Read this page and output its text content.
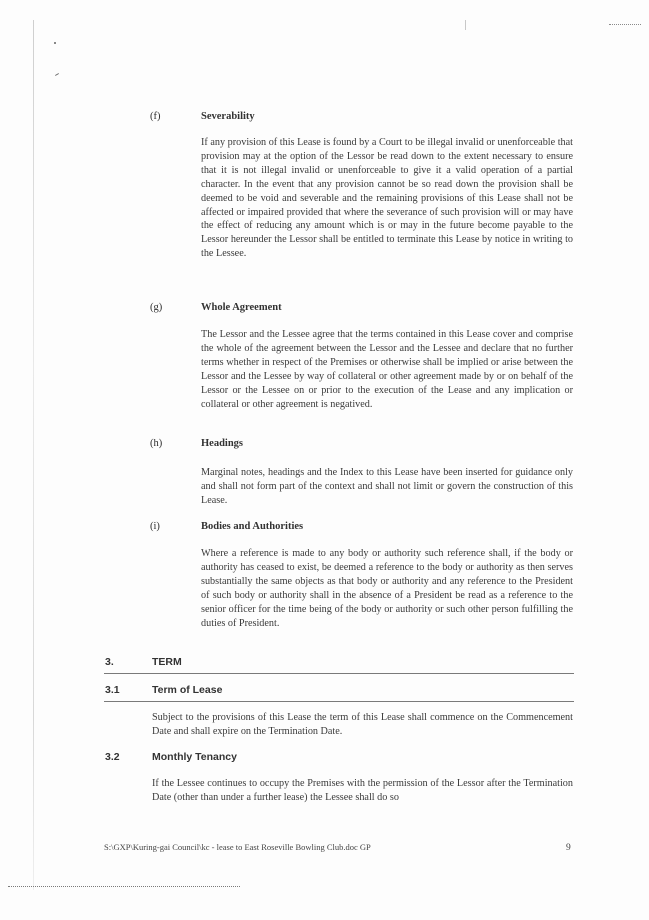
(f)	Severability

If any provision of this Lease is found by a Court to be illegal invalid or unenforceable that provision may at the option of the Lessor be read down to the extent necessary to ensure that it is not illegal invalid or unenforceable to give it a valid operation of a partial character. In the event that any provision cannot be so read down the provision shall be deemed to be void and severable and the remaining provisions of this Lease shall not be affected or impaired provided that where the severance of such provision will or may have the effect of reducing any amount which is or may in the future become payable to the Lessor hereunder the Lessor shall be entitled to terminate this Lease by notice in writing to the Lessee.

(g)	Whole Agreement

The Lessor and the Lessee agree that the terms contained in this Lease cover and comprise the whole of the agreement between the Lessor and the Lessee and declare that no further terms whether in respect of the Premises or otherwise shall be implied or arise between the Lessor and the Lessee by way of collateral or other agreement made by or on behalf of the Lessor or the Lessee on or prior to the execution of the Lease and any implication or collateral or other agreement is negatived.

(h)	Headings

Marginal notes, headings and the Index to this Lease have been inserted for guidance only and shall not form part of the context and shall not limit or govern the construction of this Lease.

(i)	Bodies and Authorities

Where a reference is made to any body or authority such reference shall, if the body or authority has ceased to exist, be deemed a reference to the body or authority as then serves substantially the same objects as that body or authority and any reference to the President of such body or authority shall in the absence of a President be read as a reference to the senior officer for the time being of the body or authority or such other person fulfilling the duties of President.

3.	TERM
3.1	Term of Lease

Subject to the provisions of this Lease the term of this Lease shall commence on the Commencement Date and shall expire on the Termination Date.

3.2	Monthly Tenancy

If the Lessee continues to occupy the Premises with the permission of the Lessor after the Termination Date (other than under a further lease) the Lessee shall do so

S:\GXP\Kuring-gai Council\kc - lease to East Roseville Bowling Club.doc GP	9
